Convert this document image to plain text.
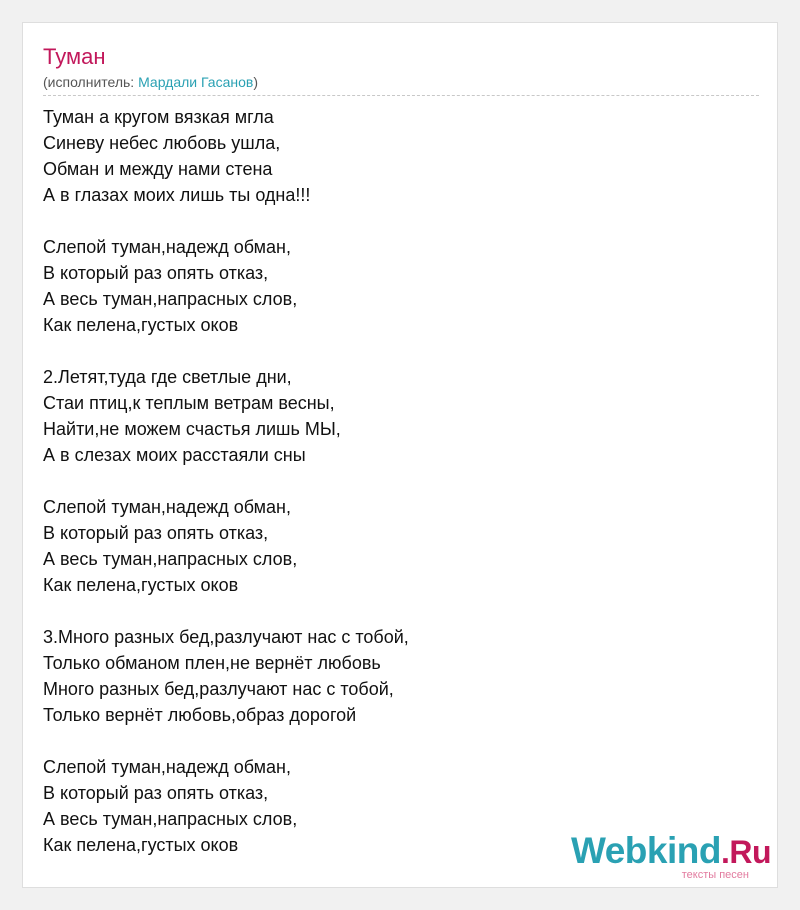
Туман
(исполнитель: Мардали Гасанов)
Туман а кругом вязкая мгла
Синеву небес любовь ушла,
Обман и между нами стена
А в глазах моих лишь ты одна!!!
Слепой туман,надежд обман,
В который раз опять отказ,
А весь туман,напрасных слов,
Как пелена,густых оков
2.Летят,туда где светлые дни,
Стаи птиц,к теплым ветрам весны,
Найти,не можем счастья лишь МЫ,
А в слезах моих расстаяли сны
Слепой туман,надежд обман,
В который раз опять отказ,
А весь туман,напрасных слов,
Как пелена,густых оков
3.Много разных бед,разлучают нас с тобой,
Только обманом плен,не вернёт любовь
Много разных бед,разлучают нас с тобой,
Только вернёт любовь,образ дорогой
Слепой туман,надежд обман,
В который раз опять отказ,
А весь туман,напрасных слов,
Как пелена,густых оков	Webkind.Ru
тексты песен
